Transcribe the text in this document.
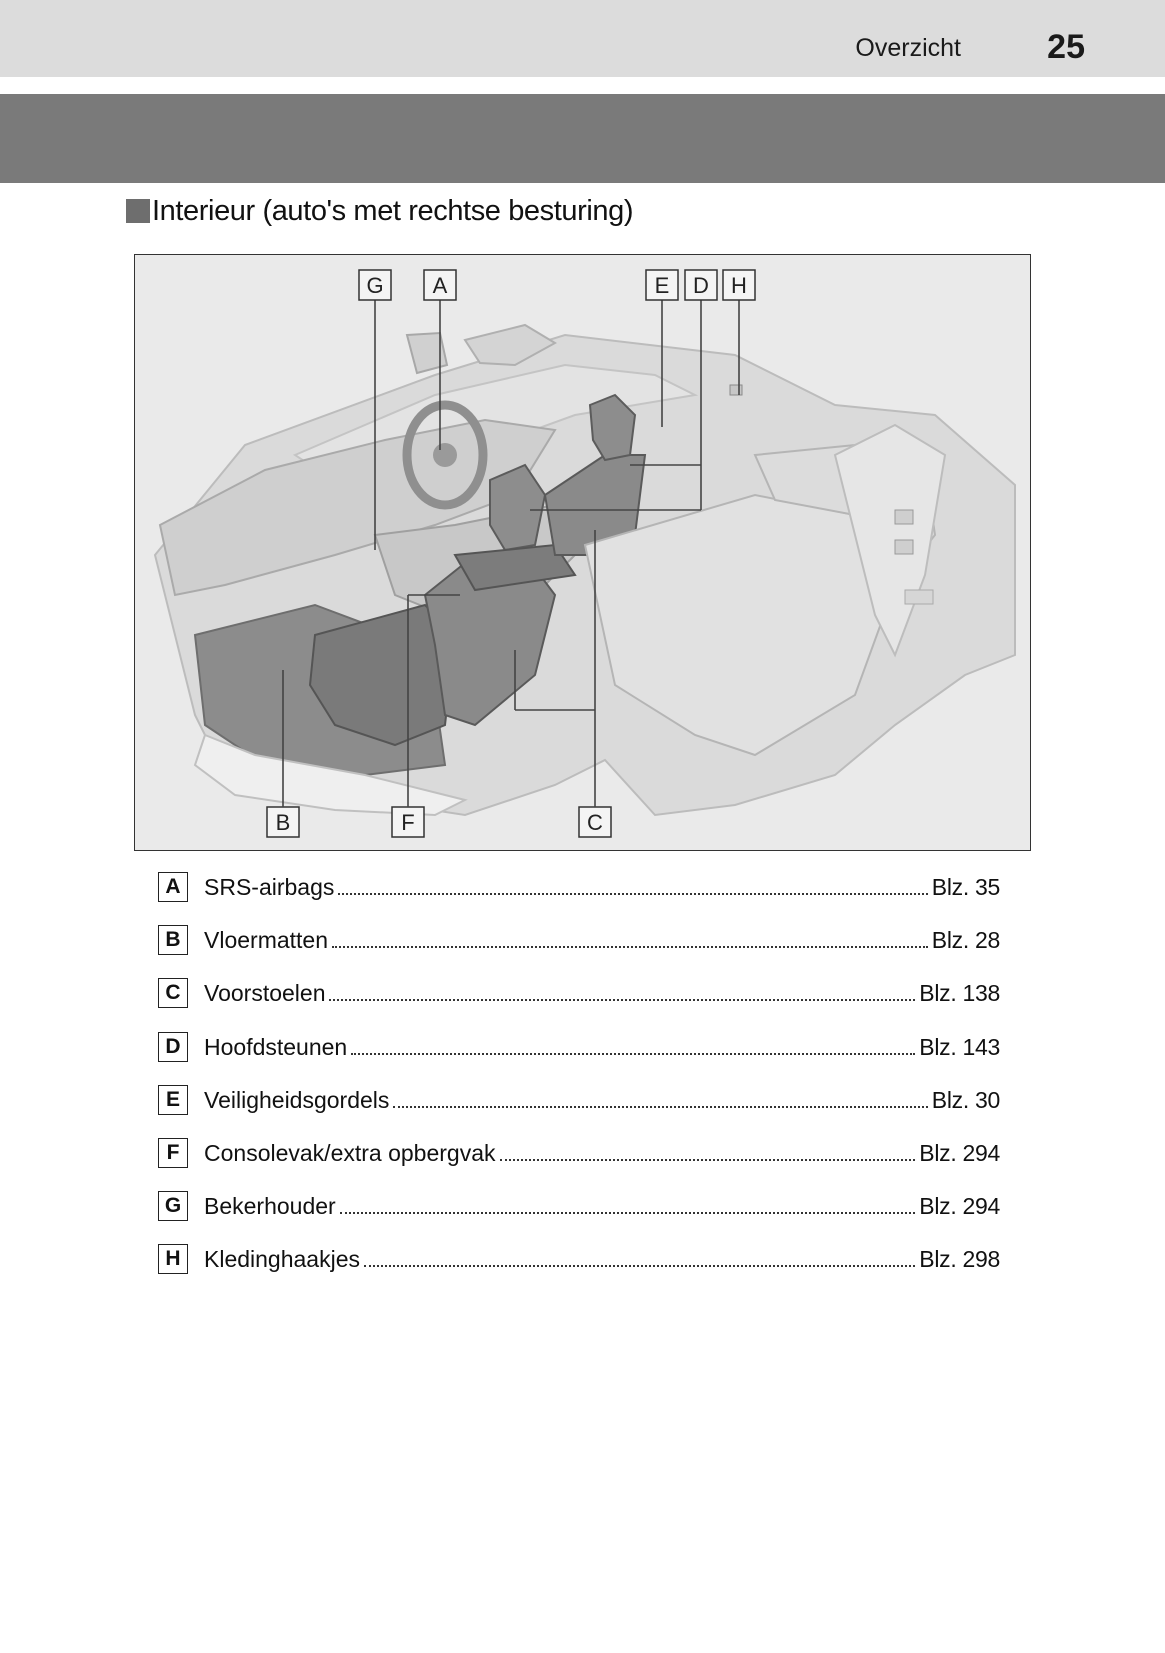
Overzicht	25
Interieur (auto's met rechtse besturing)
G A	E D H
B	F	C
A	SRS-airbags	Blz. 35
B	Vloermatten	Blz. 28
C	Voorstoelen	Blz. 138
D	Hoofdsteunen	Blz. 143
E	Veiligheidsgordels	Blz. 30
F	Consolevak/extra opbergvak	Blz. 294
G Bekerhouder	Blz. 294
H	Kledinghaakjes	Blz. 298
